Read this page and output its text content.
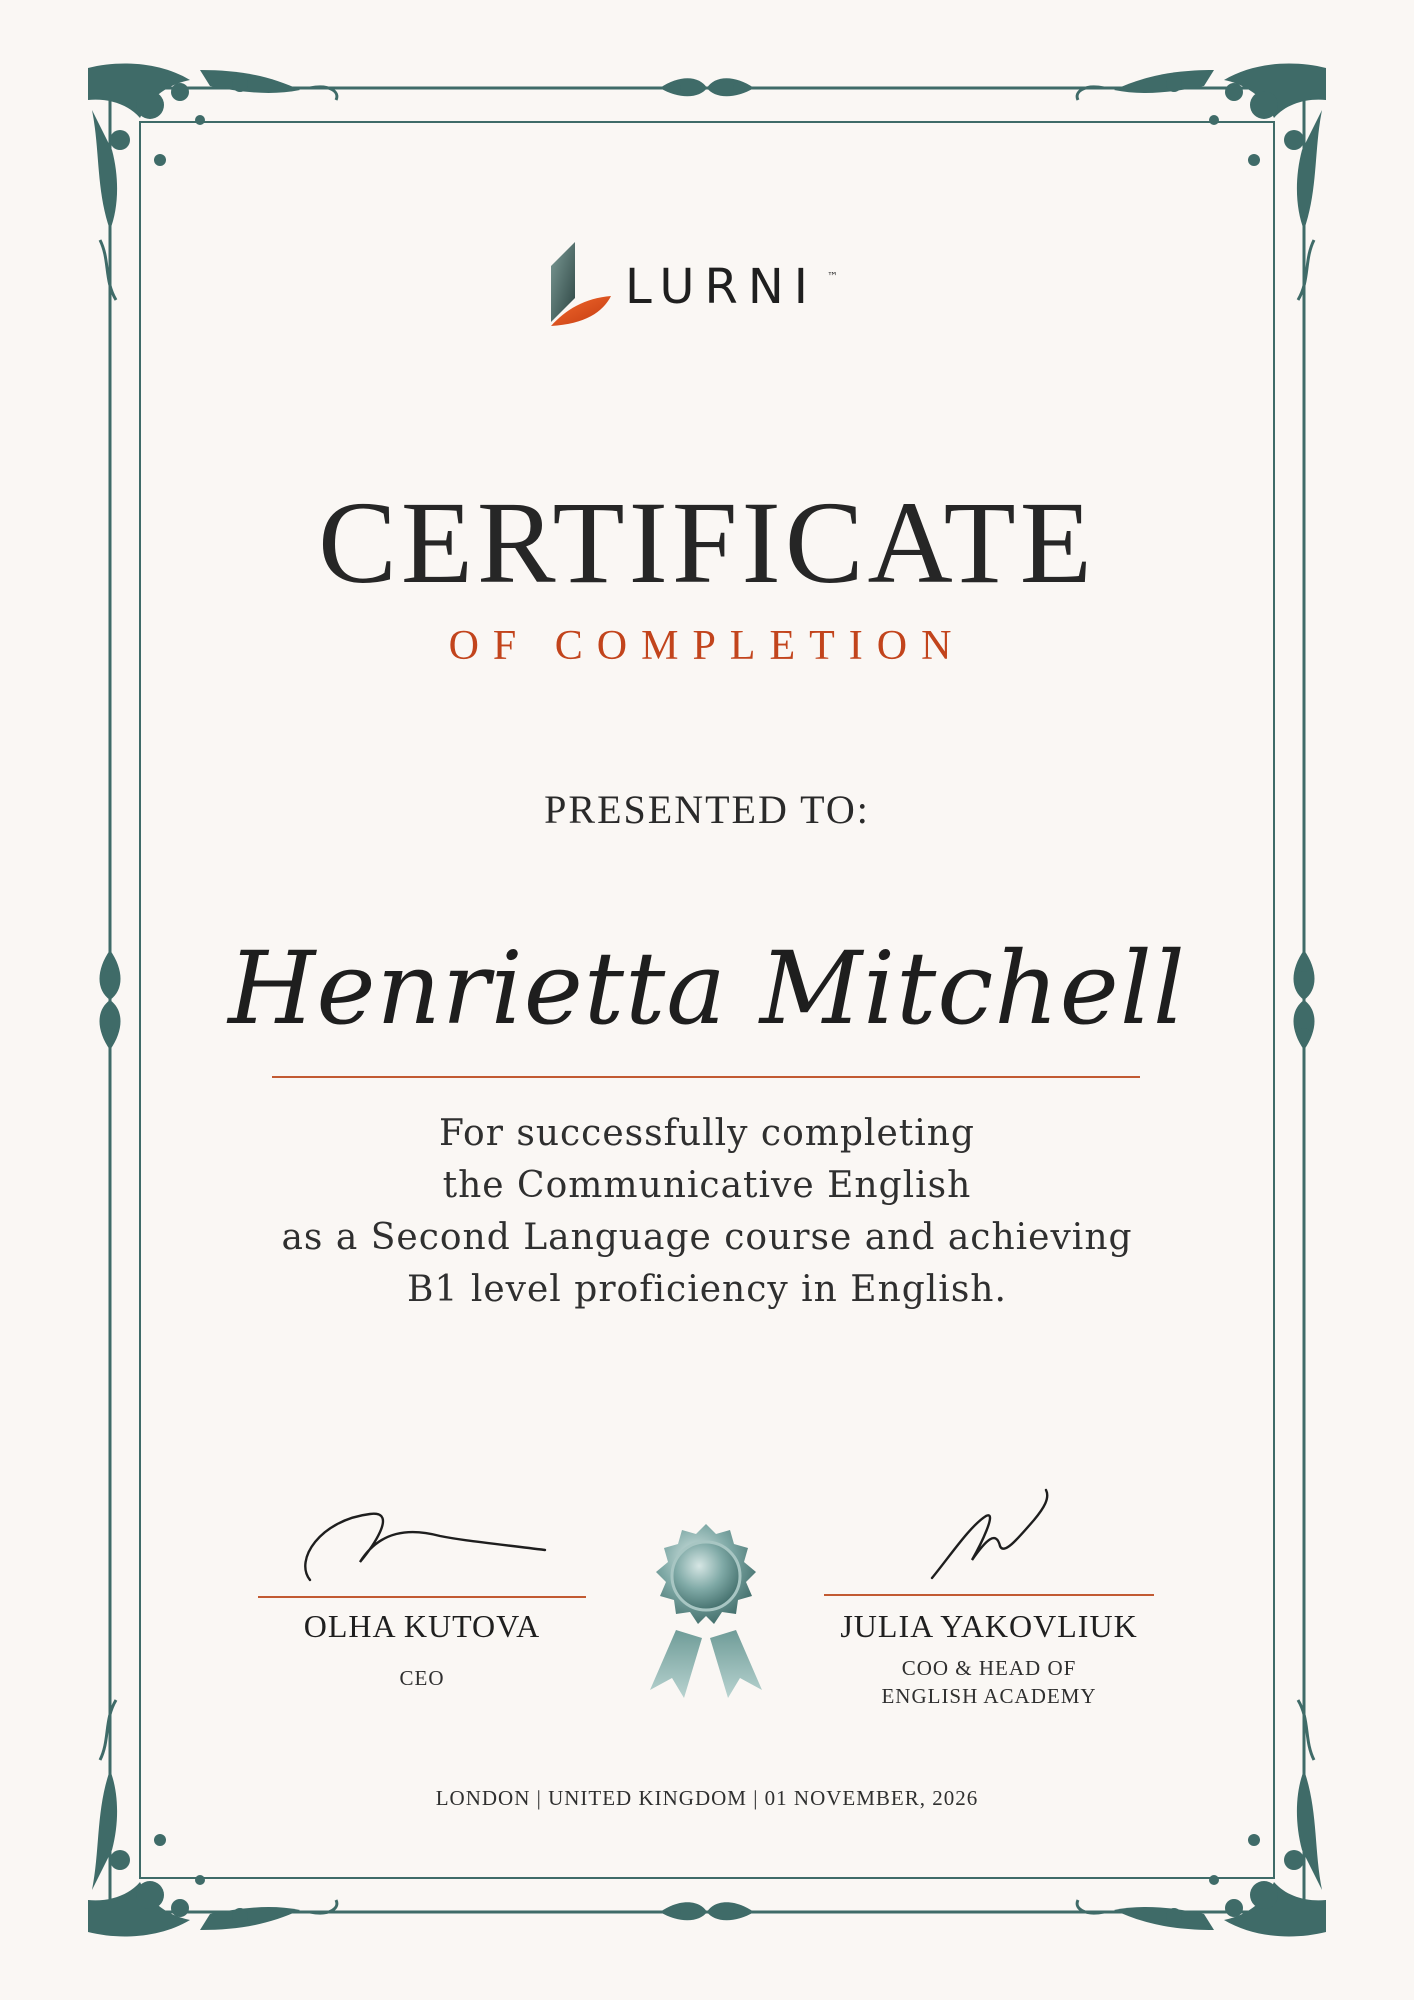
LURNI ™
CERTIFICATE
OF COMPLETION
PRESENTED TO:
Henrietta Mitchell
For successfully completing
the Communicative English
as a Second Language course and achieving
B1 level proficiency in English.
OLHA KUTOVA
CEO
JULIA YAKOVLIUK
COO & HEAD OF
ENGLISH ACADEMY
LONDON | UNITED KINGDOM | 01 NOVEMBER, 2026
